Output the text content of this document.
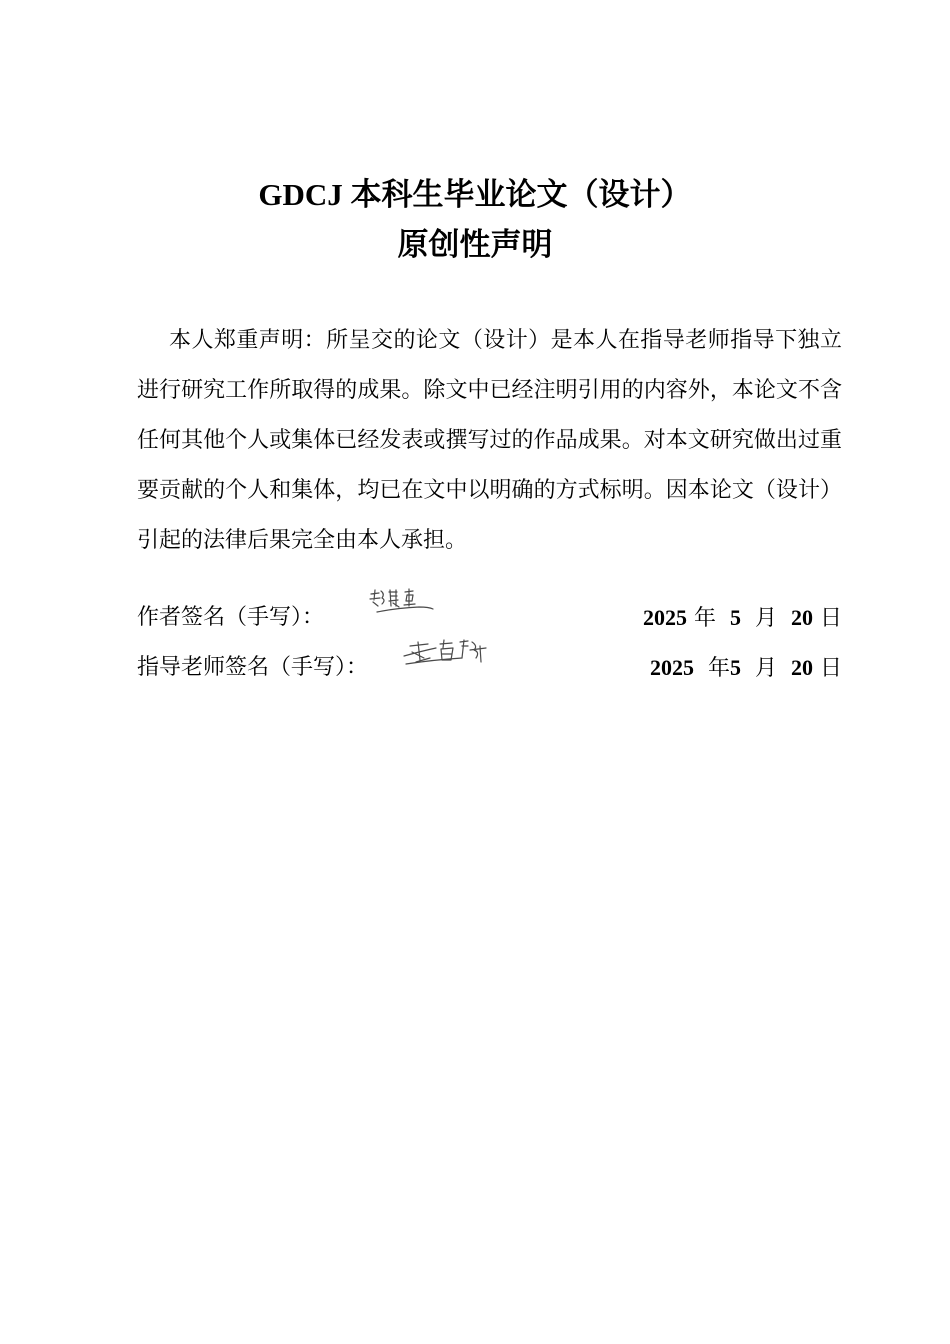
GDCJ 本科生毕业论文（设计）
原创性声明

本人郑重声明：所呈交的论文（设计）是本人在指导老师指导下独立进行研究工作所取得的成果。除文中已经注明引用的内容外，本论文不含任何其他个人或集体已经发表或撰写过的作品成果。对本文研究做出过重要贡献的个人和集体，均已在文中以明确的方式标明。因本论文（设计）引起的法律后果完全由本人承担。

作者签名（手写）：	2025 年 5 月 20 日
指导老师签名（手写）：	2025 年5 月 20 日
